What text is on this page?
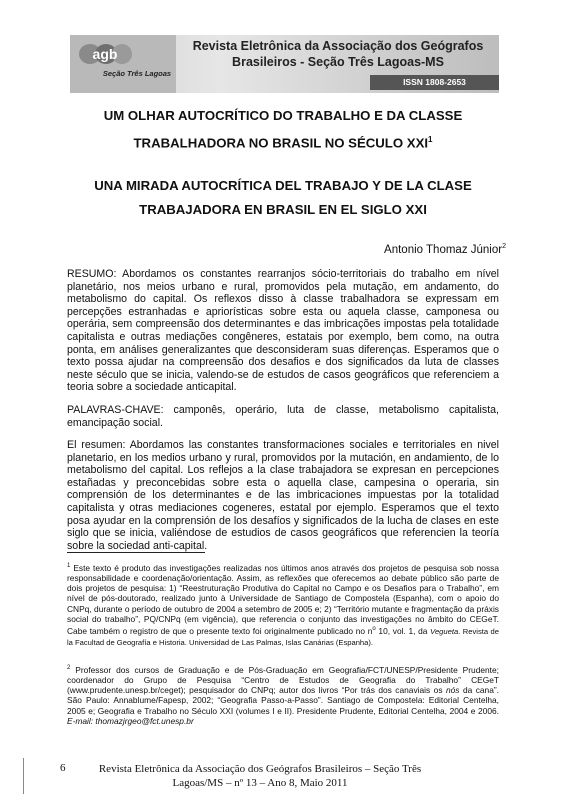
agb
Seção Três Lagoas
Revista Eletrônica da Associação dos Geógrafos
Brasileiros - Seção Três Lagoas-MS
ISSN 1808-2653

UM OLHAR AUTOCRÍTICO DO TRABALHO E DA CLASSE
TRABALHADORA NO BRASIL NO SÉCULO XXI$^1$

UNA MIRADA AUTOCRÍTICA DEL TRABAJO Y DE LA CLASE
TRABAJADORA EN BRASIL EN EL SIGLO XXI

Antonio Thomaz Júnior$^2$

RESUMO: Abordamos os constantes rearranjos sócio-territoriais do trabalho em nível planetário, nos meios urbano e rural, promovidos pela mutação, em andamento, do metabolismo do capital. Os reflexos disso à classe trabalhadora se expressam em percepções estranhadas e apriorísticas sobre esta ou aquela classe, camponesa ou operária, sem compreensão dos determinantes e das imbricações impostas pela totalidade capitalista e outras mediações congêneres, estatais por exemplo, bem como, na outra ponta, em análises generalizantes que desconsideram suas diferenças. Esperamos que o texto possa ajudar na compreensão dos desafios e dos significados da luta de classes neste século que se inicia, valendo-se de estudos de casos geográficos que referenciem a teoria sobre a sociedade anticapital.

PALAVRAS-CHAVE: camponês, operário, luta de classe, metabolismo capitalista, emancipação social.

El resumen: Abordamos las constantes transformaciones sociales e territoriales en nivel planetario, en los medios urbano y rural, promovidos por la mutación, en andamiento, de lo metabolismo del capital. Los reflejos a la clase trabajadora se expresan en percepciones estañadas y preconcebidas sobre esta o aquella clase, campesina o operaria, sin comprensión de los determinantes e de las imbricaciones impuestas por la totalidad capitalista y otras mediaciones cogeneres, estatal por ejemplo. Esperamos que el texto posa ayudar en la comprensión de los desafíos y significados de la lucha de clases en este siglo que se inicia, valiéndose de estudios de casos geográficos que referencien la teoría sobre la sociedad anti-capital.

$^1$ Este texto é produto das investigações realizadas nos últimos anos através dos projetos de pesquisa sob nossa responsabilidade e coordenação/orientação. Assim, as reflexões que oferecemos ao debate público são parte de dois projetos de pesquisa: 1) “Reestruturação Produtiva do Capital no Campo e os Desafios para o Trabalho”, em nível de pós-doutorado, realizado junto à Universidade de Santiago de Compostela (Espanha), com o apoio do CNPq, durante o período de outubro de 2004 a setembro de 2005 e; 2) “Território mutante e fragmentação da práxis social do trabalho”, PQ/CNPq (em vigência), que referencia o conjunto das investigações no âmbito do CEGeT. Cabe também o registro de que o presente texto foi originalmente publicado no $n^o$ 10, vol. 1, da Vegueta. Revista de la Facultad de Geografía e Historia. Universidad de Las Palmas, Islas Canárias (Espanha).

$^2$ Professor dos cursos de Graduação e de Pós-Graduação em Geografia/FCT/UNESP/Presidente Prudente; coordenador do Grupo de Pesquisa “Centro de Estudos de Geografia do Trabalho” CEGeT (www.prudente.unesp.br/ceget); pesquisador do CNPq; autor dos livros “Por trás dos canaviais os nós da cana”. São Paulo: Annablume/Fapesp, 2002; “Geografia Passo-a-Passo”. Santiago de Compostela: Editorial Centelha, 2005 e; Geografia e Trabalho no Século XXI (volumes I e II). Presidente Prudente, Editorial Centelha, 2004 e 2006. E-mail: thomazjrgeo@fct.unesp.br

6	Revista Eletrônica da Associação dos Geógrafos Brasileiros – Seção Três
Lagoas/MS – nº 13 – Ano 8, Maio 2011
